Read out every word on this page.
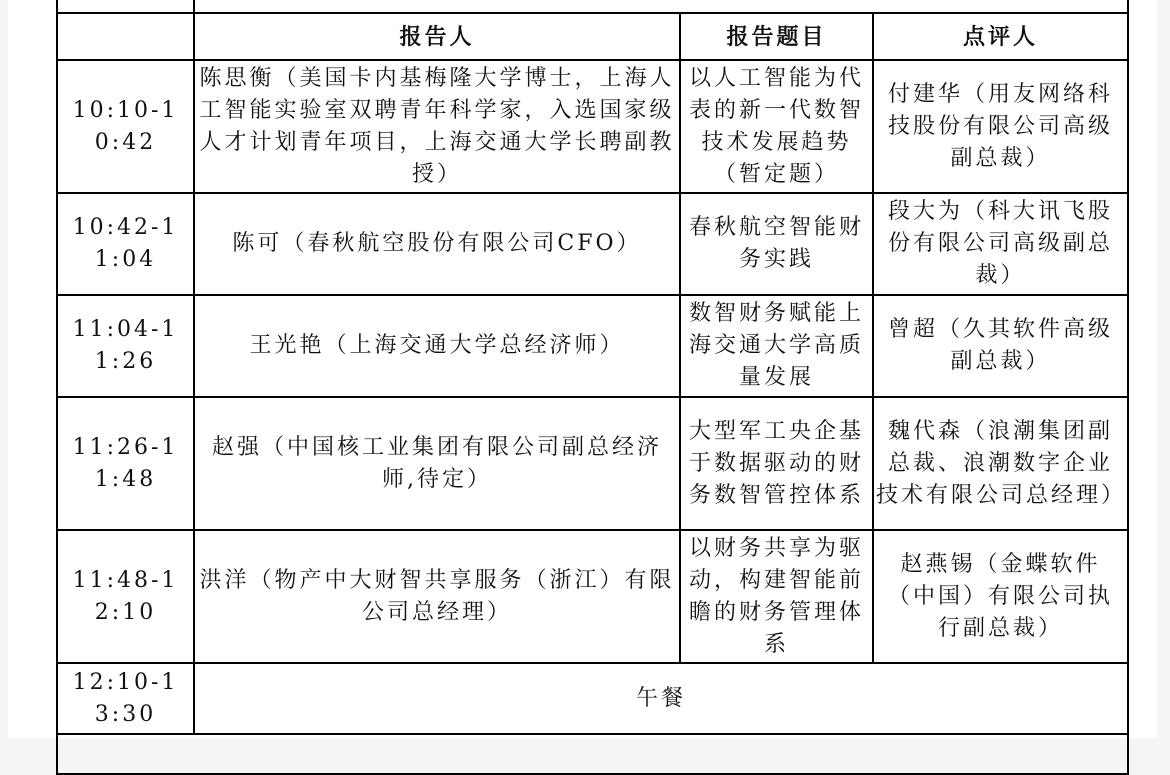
	报告人	报告题目	点评人
10:10-10:42	陈思衡（美国卡内基梅隆大学博士，上海人工智能实验室双聘青年科学家，入选国家级人才计划青年项目，上海交通大学长聘副教授）	以人工智能为代表的新一代数智技术发展趋势（暂定题）	付建华（用友网络科技股份有限公司高级副总裁）
10:42-11:04	陈可（春秋航空股份有限公司CFO）	春秋航空智能财务实践	段大为（科大讯飞股份有限公司高级副总裁）
11:04-11:26	王光艳（上海交通大学总经济师）	数智财务赋能上海交通大学高质量发展	曾超（久其软件高级副总裁）
11:26-11:48	赵强（中国核工业集团有限公司副总经济师,待定）	大型军工央企基于数据驱动的财务数智管控体系	魏代森（浪潮集团副总裁、浪潮数字企业技术有限公司总经理）
11:48-12:10	洪洋（物产中大财智共享服务（浙江）有限公司总经理）	以财务共享为驱动，构建智能前瞻的财务管理体系	赵燕锡（金蝶软件（中国）有限公司执行副总裁）
12:10-13:30	午餐		
